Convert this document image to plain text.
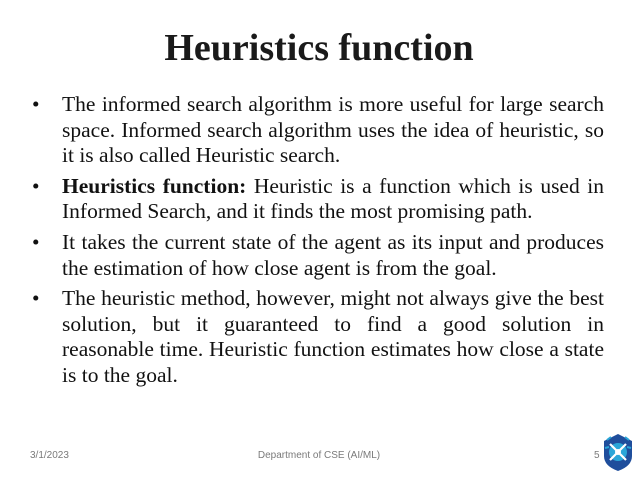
Heuristics function
•	The informed search algorithm is more useful for large search space. Informed search algorithm uses the idea of heuristic, so it is also called Heuristic search.
•	Heuristics function: Heuristic is a function which is used in Informed Search, and it finds the most promising path.
•	It takes the current state of the agent as its input and produces the estimation of how close agent is from the goal.
•	The heuristic method, however, might not always give the best solution, but it guaranteed to find a good solution in reasonable time. Heuristic function estimates how close a state is to the goal.
3/1/2023	Department of CSE (AI/ML)	5
